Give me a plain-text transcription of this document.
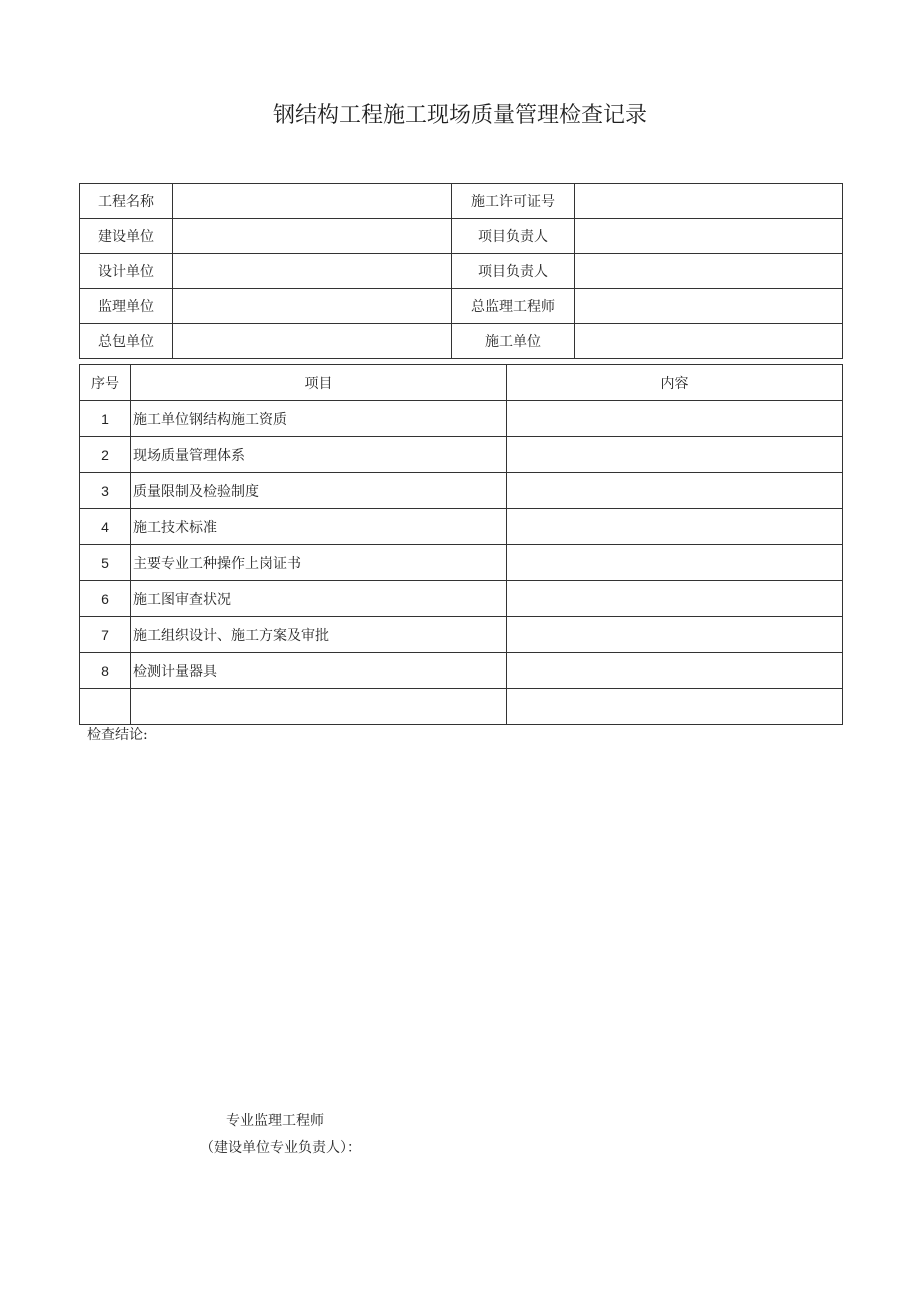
钢结构工程施工现场质量管理检查记录
工程名称		施工许可证号	
建设单位		项目负责人	
设计单位		项目负责人	
监理单位		总监理工程师	
总包单位		施工单位	
序号	项目	内容
1	施工单位钢结构施工资质	
2	现场质量管理体系	
3	质量限制及检验制度	
4	施工技术标准	
5	主要专业工种操作上岗证书	
6	施工图审查状况	
7	施工组织设计、施工方案及审批	
8	检测计量器具	

检查结论:
专业监理工程师
（建设单位专业负责人）：
